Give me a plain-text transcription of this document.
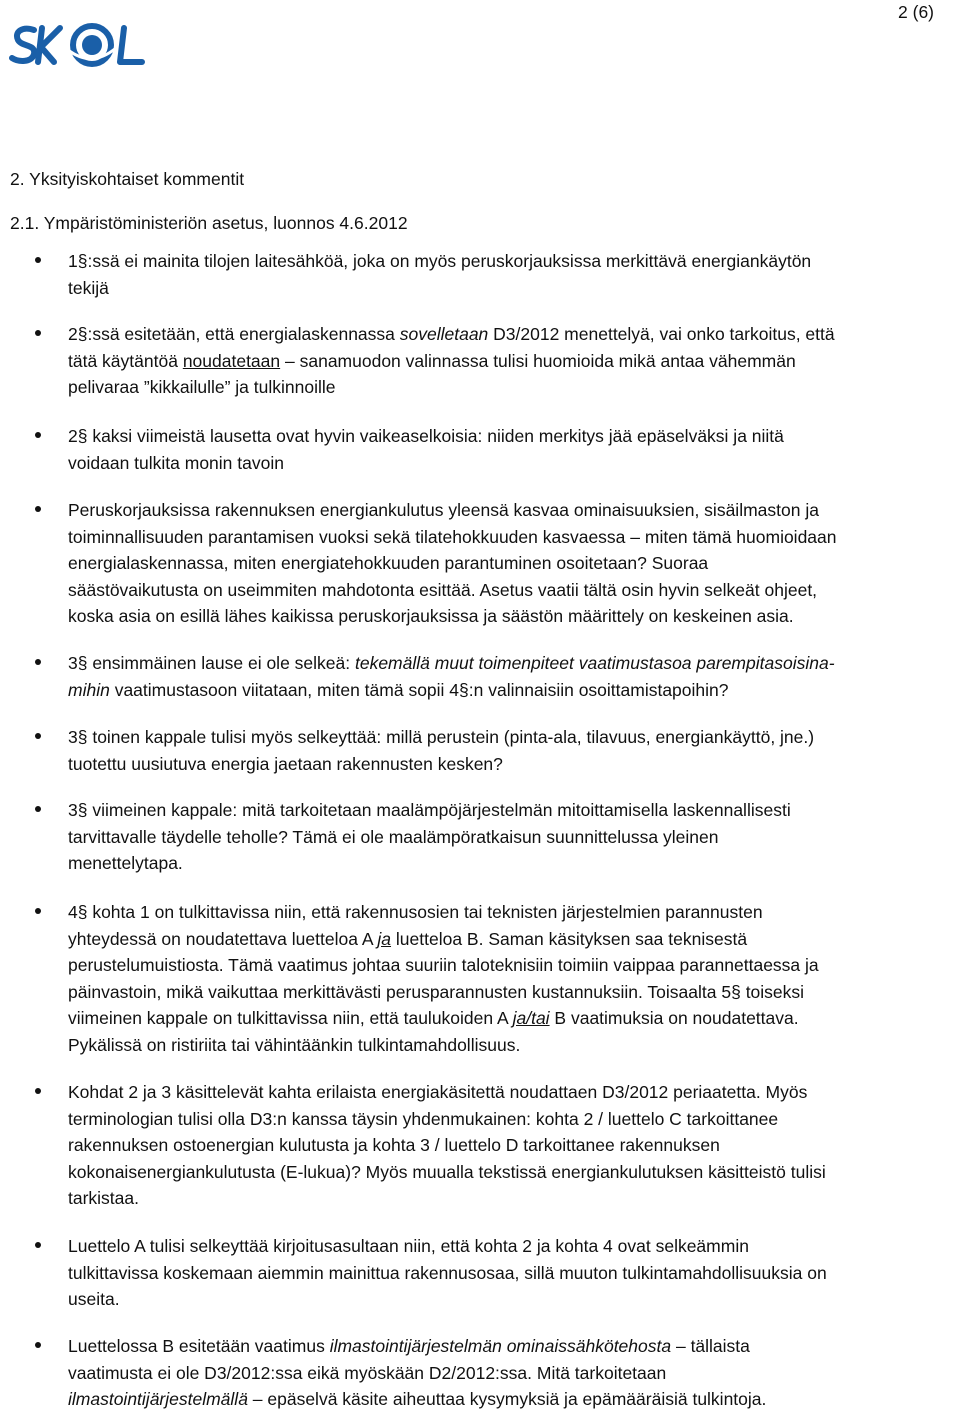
2 (6)
2. Yksityiskohtaiset kommentit
2.1. Ympäristöministeriön asetus, luonnos 4.6.2012
1§:ssä ei mainita tilojen laitesähköä, joka on myös peruskorjauksissa merkittävä energiankäytön
tekijä
2§:ssä esitetään, että energialaskennassa sovelletaan D3/2012 menettelyä, vai onko tarkoitus, että
tätä käytäntöä noudatetaan – sanamuodon valinnassa tulisi huomioida mikä antaa vähemmän
pelivaraa ”kikkailulle” ja tulkinnoille
2§ kaksi viimeistä lausetta ovat hyvin vaikeaselkoisia: niiden merkitys jää epäselväksi ja niitä
voidaan tulkita monin tavoin
Peruskorjauksissa rakennuksen energiankulutus yleensä kasvaa ominaisuuksien, sisäilmaston ja
toiminnallisuuden parantamisen vuoksi sekä tilatehokkuuden kasvaessa – miten tämä huomioidaan
energialaskennassa, miten energiatehokkuuden parantuminen osoitetaan? Suoraa
säästövaikutusta on useimmiten mahdotonta esittää. Asetus vaatii tältä osin hyvin selkeät ohjeet,
koska asia on esillä lähes kaikissa peruskorjauksissa ja säästön määrittely on keskeinen asia.
3§ ensimmäinen lause ei ole selkeä: tekemällä muut toimenpiteet vaatimustasoa parempitasoisina-
mihin vaatimustasoon viitataan, miten tämä sopii 4§:n valinnaisiin osoittamistapoihin?
3§ toinen kappale tulisi myös selkeyttää: millä perustein (pinta-ala, tilavuus, energiankäyttö, jne.)
tuotettu uusiutuva energia jaetaan rakennusten kesken?
3§ viimeinen kappale: mitä tarkoitetaan maalämpöjärjestelmän mitoittamisella laskennallisesti
tarvittavalle täydelle teholle? Tämä ei ole maalämpöratkaisun suunnittelussa yleinen
menettelytapa.
4§ kohta 1 on tulkittavissa niin, että rakennusosien tai teknisten järjestelmien parannusten
yhteydessä on noudatettava luetteloa A ja luetteloa B. Saman käsityksen saa teknisestä
perustelumuistiosta. Tämä vaatimus johtaa suuriin taloteknisiin toimiin vaippaa parannettaessa ja
päinvastoin, mikä vaikuttaa merkittävästi perusparannusten kustannuksiin. Toisaalta 5§ toiseksi
viimeinen kappale on tulkittavissa niin, että taulukoiden A ja/tai B vaatimuksia on noudatettava.
Pykälissä on ristiriita tai vähintäänkin tulkintamahdollisuus.
Kohdat 2 ja 3 käsittelevät kahta erilaista energiakäsitettä noudattaen D3/2012 periaatetta. Myös
terminologian tulisi olla D3:n kanssa täysin yhdenmukainen: kohta 2 / luettelo C tarkoittanee
rakennuksen ostoenergian kulutusta ja kohta 3 / luettelo D tarkoittanee rakennuksen
kokonaisenergiankulutusta (E-lukua)? Myös muualla tekstissä energiankulutuksen käsitteistö tulisi
tarkistaa.
Luettelo A tulisi selkeyttää kirjoitusasultaan niin, että kohta 2 ja kohta 4 ovat selkeämmin
tulkittavissa koskemaan aiemmin mainittua rakennusosaa, sillä muuton tulkintamahdollisuuksia on
useita.
Luettelossa B esitetään vaatimus ilmastointijärjestelmän ominaissähkötehosta – tällaista
vaatimusta ei ole D3/2012:ssa eikä myöskään D2/2012:ssa. Mitä tarkoitetaan
ilmastointijärjestelmällä – epäselvä käsite aiheuttaa kysymyksiä ja epämääräisiä tulkintoja.
